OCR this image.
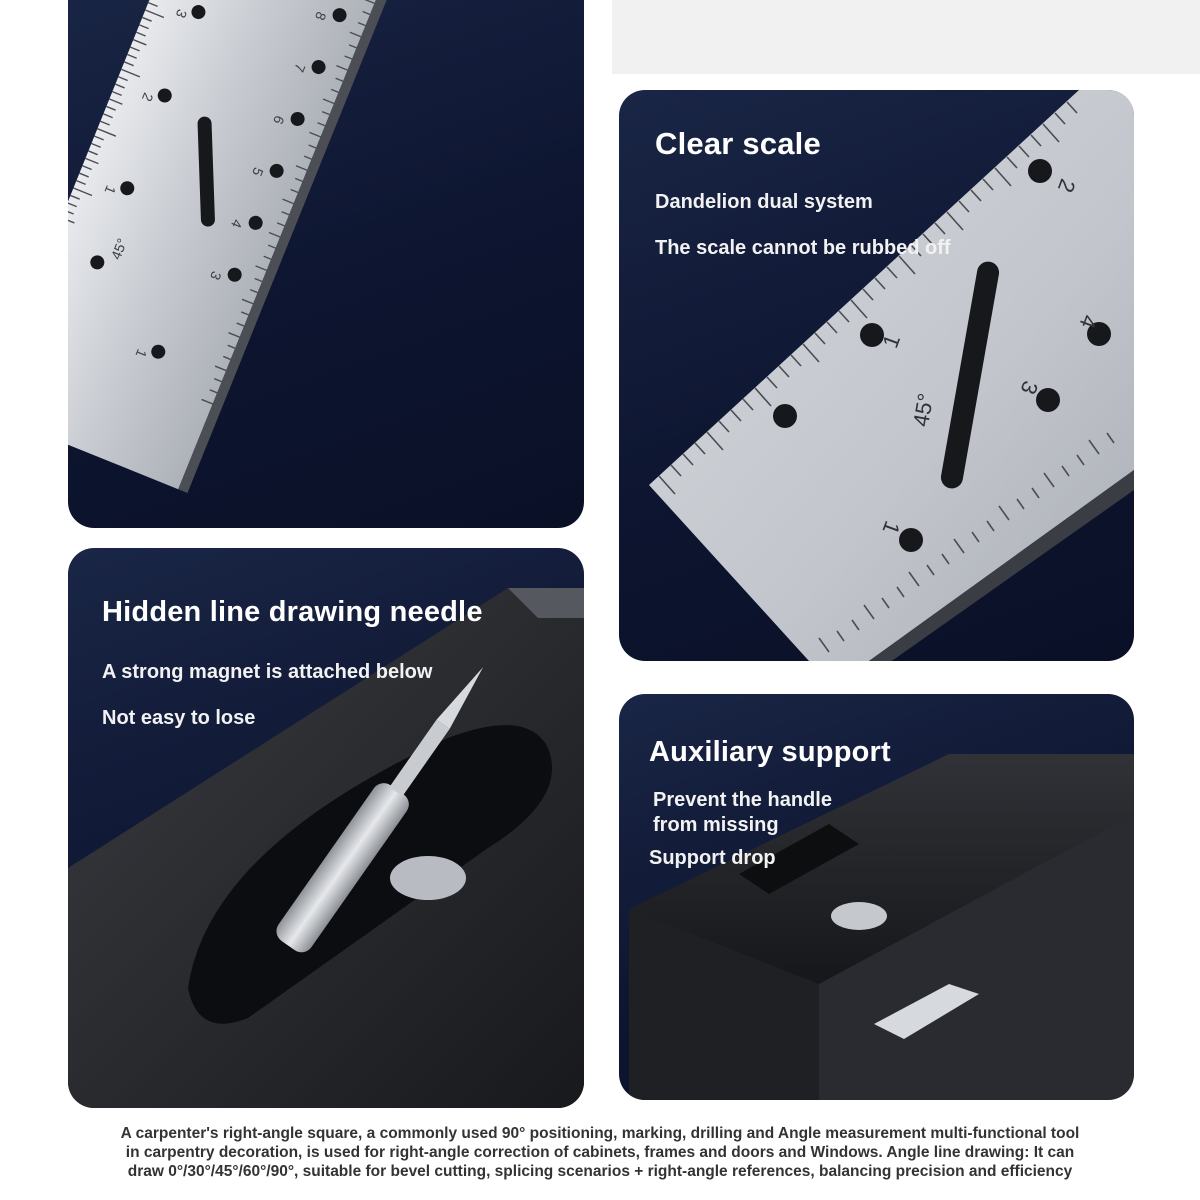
8
7
6
5
4
3
3
2
1
1
45°
2
4
3
1
1
45°
Clear scale
Dandelion dual system
The scale cannot be rubbed off
Hidden line drawing needle
A strong magnet is attached below
Not easy to lose
Auxiliary support
Prevent the handle
from missing
Support drop
A carpenter's right-angle square, a commonly used 90° positioning, marking, drilling and Angle measurement multi-functional tool
in carpentry decoration, is used for right-angle correction of cabinets, frames and doors and Windows. Angle line drawing: It can
draw 0°/30°/45°/60°/90°, suitable for bevel cutting, splicing scenarios + right-angle references, balancing precision and efficiency
